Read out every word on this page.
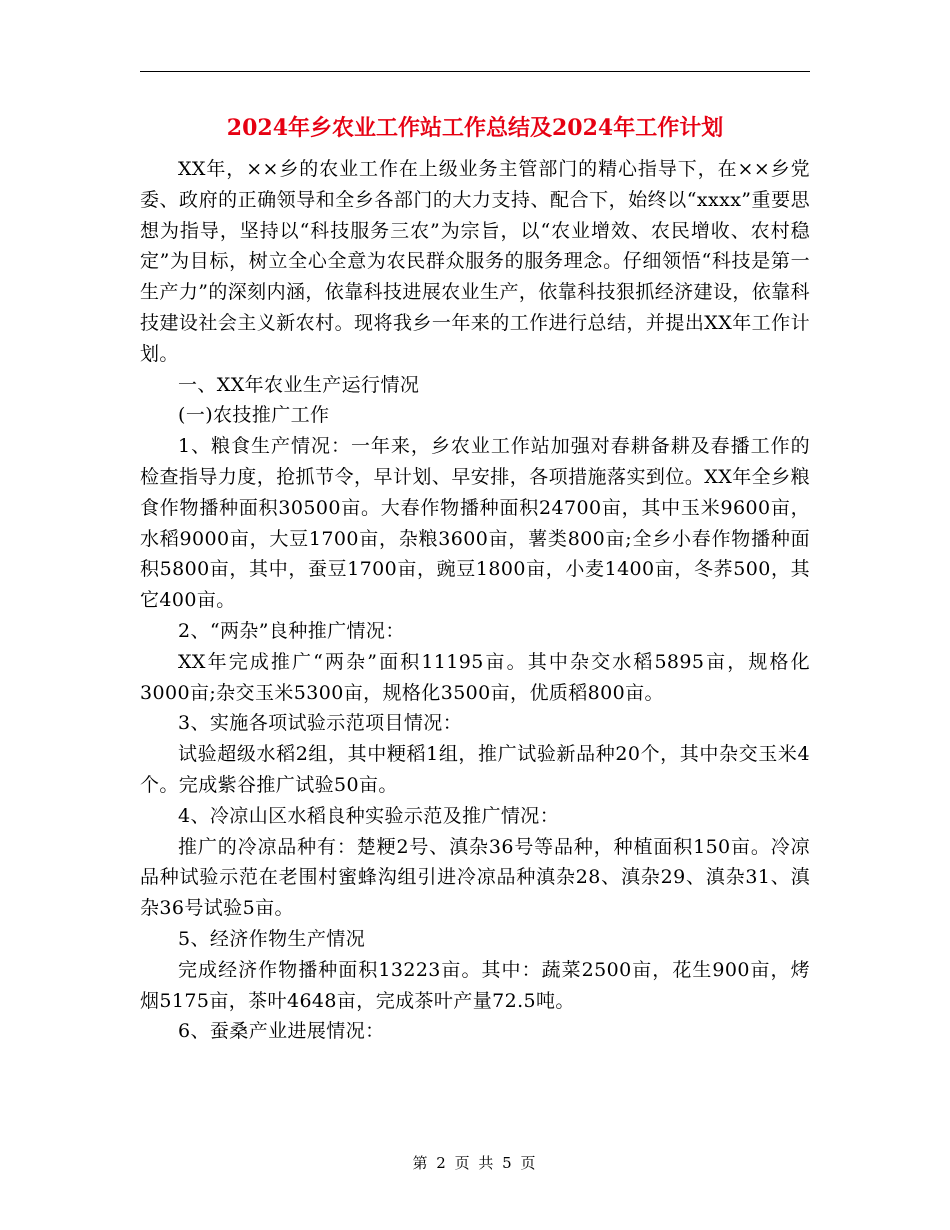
2024年乡农业工作站工作总结及2024年工作计划

XX年，××乡的农业工作在上级业务主管部门的精心指导下，在××乡党委、政府的正确领导和全乡各部门的大力支持、配合下，始终以“xxxx”重要思想为指导，坚持以“科技服务三农”为宗旨，以“农业增效、农民增收、农村稳定”为目标，树立全心全意为农民群众服务的服务理念。仔细领悟“科技是第一生产力”的深刻内涵，依靠科技进展农业生产，依靠科技狠抓经济建设，依靠科技建设社会主义新农村。现将我乡一年来的工作进行总结，并提出XX年工作计划。

一、XX年农业生产运行情况

(一)农技推广工作

1、粮食生产情况：一年来，乡农业工作站加强对春耕备耕及春播工作的检查指导力度，抢抓节令，早计划、早安排，各项措施落实到位。XX年全乡粮食作物播种面积30500亩。大春作物播种面积24700亩，其中玉米9600亩，水稻9000亩，大豆1700亩，杂粮3600亩，薯类800亩;全乡小春作物播种面积5800亩，其中，蚕豆1700亩，豌豆1800亩，小麦1400亩，冬荞500，其它400亩。

2、“两杂”良种推广情况：

XX年完成推广“两杂”面积11195亩。其中杂交水稻5895亩，规格化3000亩;杂交玉米5300亩，规格化3500亩，优质稻800亩。

3、实施各项试验示范项目情况：

试验超级水稻2组，其中粳稻1组，推广试验新品种20个，其中杂交玉米4个。完成紫谷推广试验50亩。

4、冷凉山区水稻良种实验示范及推广情况：

推广的冷凉品种有：楚粳2号、滇杂36号等品种，种植面积150亩。冷凉品种试验示范在老围村蜜蜂沟组引进冷凉品种滇杂28、滇杂29、滇杂31、滇杂36号试验5亩。

5、经济作物生产情况

完成经济作物播种面积13223亩。其中：蔬菜2500亩，花生900亩，烤烟5175亩，茶叶4648亩，完成茶叶产量72.5吨。

6、蚕桑产业进展情况：

第 2 页 共 5 页
